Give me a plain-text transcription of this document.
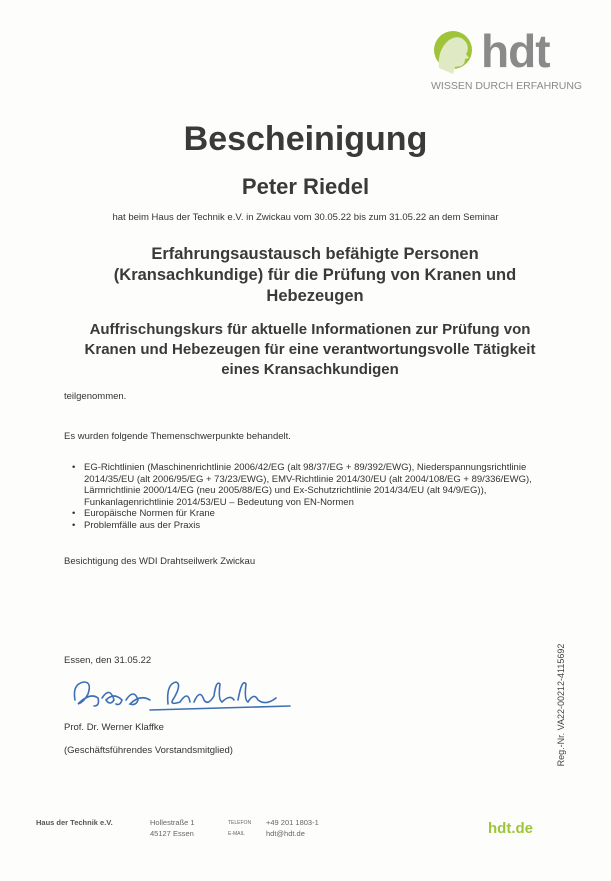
hdt
WISSEN DURCH ERFAHRUNG
Bescheinigung
Peter Riedel
hat beim Haus der Technik e.V. in Zwickau vom 30.05.22 bis zum 31.05.22 an dem Seminar
Erfahrungsaustausch befähigte Personen (Kransachkundige) für die Prüfung von Kranen und Hebezeugen
Auffrischungskurs für aktuelle Informationen zur Prüfung von Kranen und Hebezeugen für eine verantwortungsvolle Tätigkeit eines Kransachkundigen
teilgenommen.
Es wurden folgende Themenschwerpunkte behandelt.
• EG-Richtlinien (Maschinenrichtlinie 2006/42/EG (alt 98/37/EG + 89/392/EWG), Niederspannungsrichtlinie 2014/35/EU (alt 2006/95/EG + 73/23/EWG), EMV-Richtlinie 2014/30/EU (alt 2004/108/EG + 89/336/EWG), Lärmrichtlinie 2000/14/EG (neu 2005/88/EG) und Ex-Schutzrichtlinie 2014/34/EU (alt 94/9/EG)), Funkanlagenrichtlinie 2014/53/EU – Bedeutung von EN-Normen
• Europäische Normen für Krane
• Problemfälle aus der Praxis
Besichtigung des WDI Drahtseilwerk Zwickau
Essen, den 31.05.22
Prof. Dr. Werner Klaffke
(Geschäftsführendes Vorstandsmitglied)	Reg.-Nr. VA22-00212-4115692
Haus der Technik e.V.	Hollestraße 1
45127 Essen
TELEFON
E-MAIL
+49 201 1803-1
hdt@hdt.de	hdt.de
